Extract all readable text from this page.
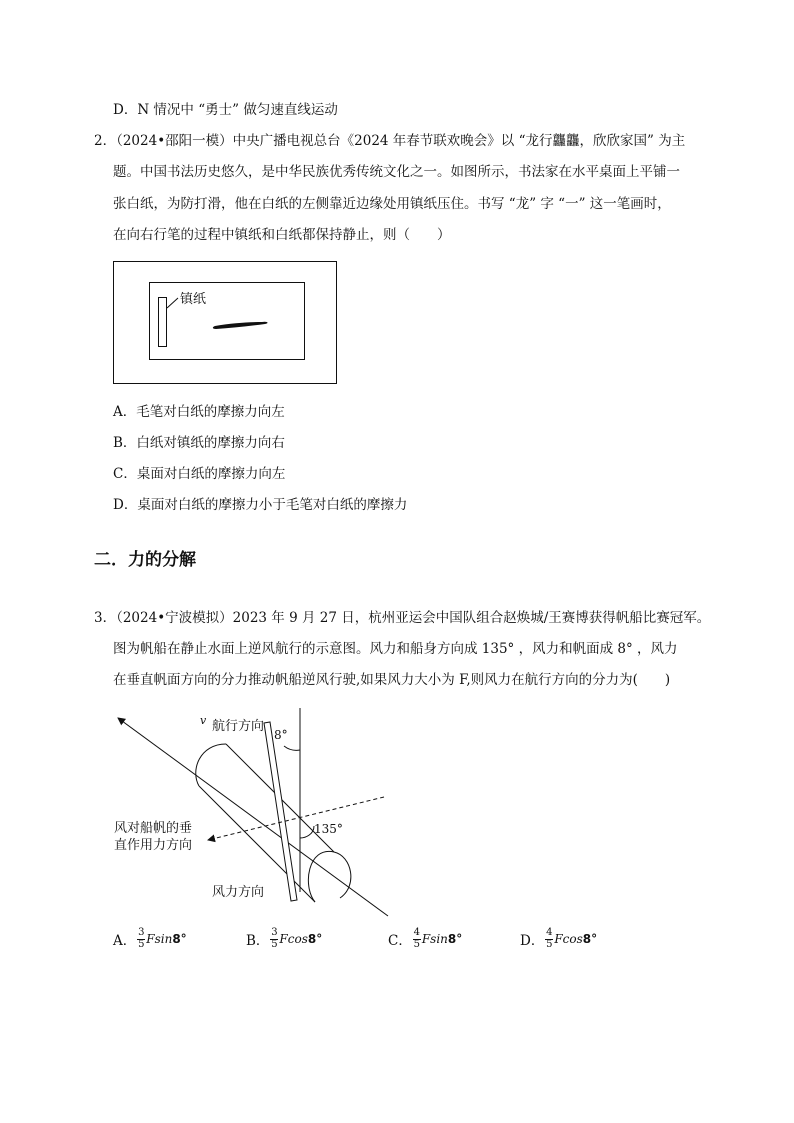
D．N 情况中 “勇士” 做匀速直线运动
2．（2024•邵阳一模）中央广播电视总台《2024 年春节联欢晚会》以 “龙行龘龘，欣欣家国” 为主
题。中国书法历史悠久，是中华民族优秀传统文化之一。如图所示，书法家在水平桌面上平铺一
张白纸，为防打滑，他在白纸的左侧靠近边缘处用镇纸压住。书写 “龙” 字 “一” 这一笔画时，
在向右行笔的过程中镇纸和白纸都保持静止，则（　　）
镇纸
A．毛笔对白纸的摩擦力向左
B．白纸对镇纸的摩擦力向右
C．桌面对白纸的摩擦力向左
D．桌面对白纸的摩擦力小于毛笔对白纸的摩擦力
二．力的分解
3．（2024•宁波模拟）2023 年 9 月 27 日，杭州亚运会中国队组合赵焕城/王赛博获得帆船比赛冠军。
图为帆船在静止水面上逆风航行的示意图。风力和船身方向成 135° ，风力和帆面成 8° ，风力
在垂直帆面方向的分力推动帆船逆风行驶,如果风力大小为 F,则风力在航行方向的分力为(　　)
v 航行方向
8°
135°
风对船帆的垂
直作用力方向
风力方向
A． $\frac{3}{5}$ Fsin 8°	B． $\frac{3}{5}$ Fcos 8°	C． $\frac{4}{5}$ Fsin 8°	D． $\frac{4}{5}$ Fcos 8°
